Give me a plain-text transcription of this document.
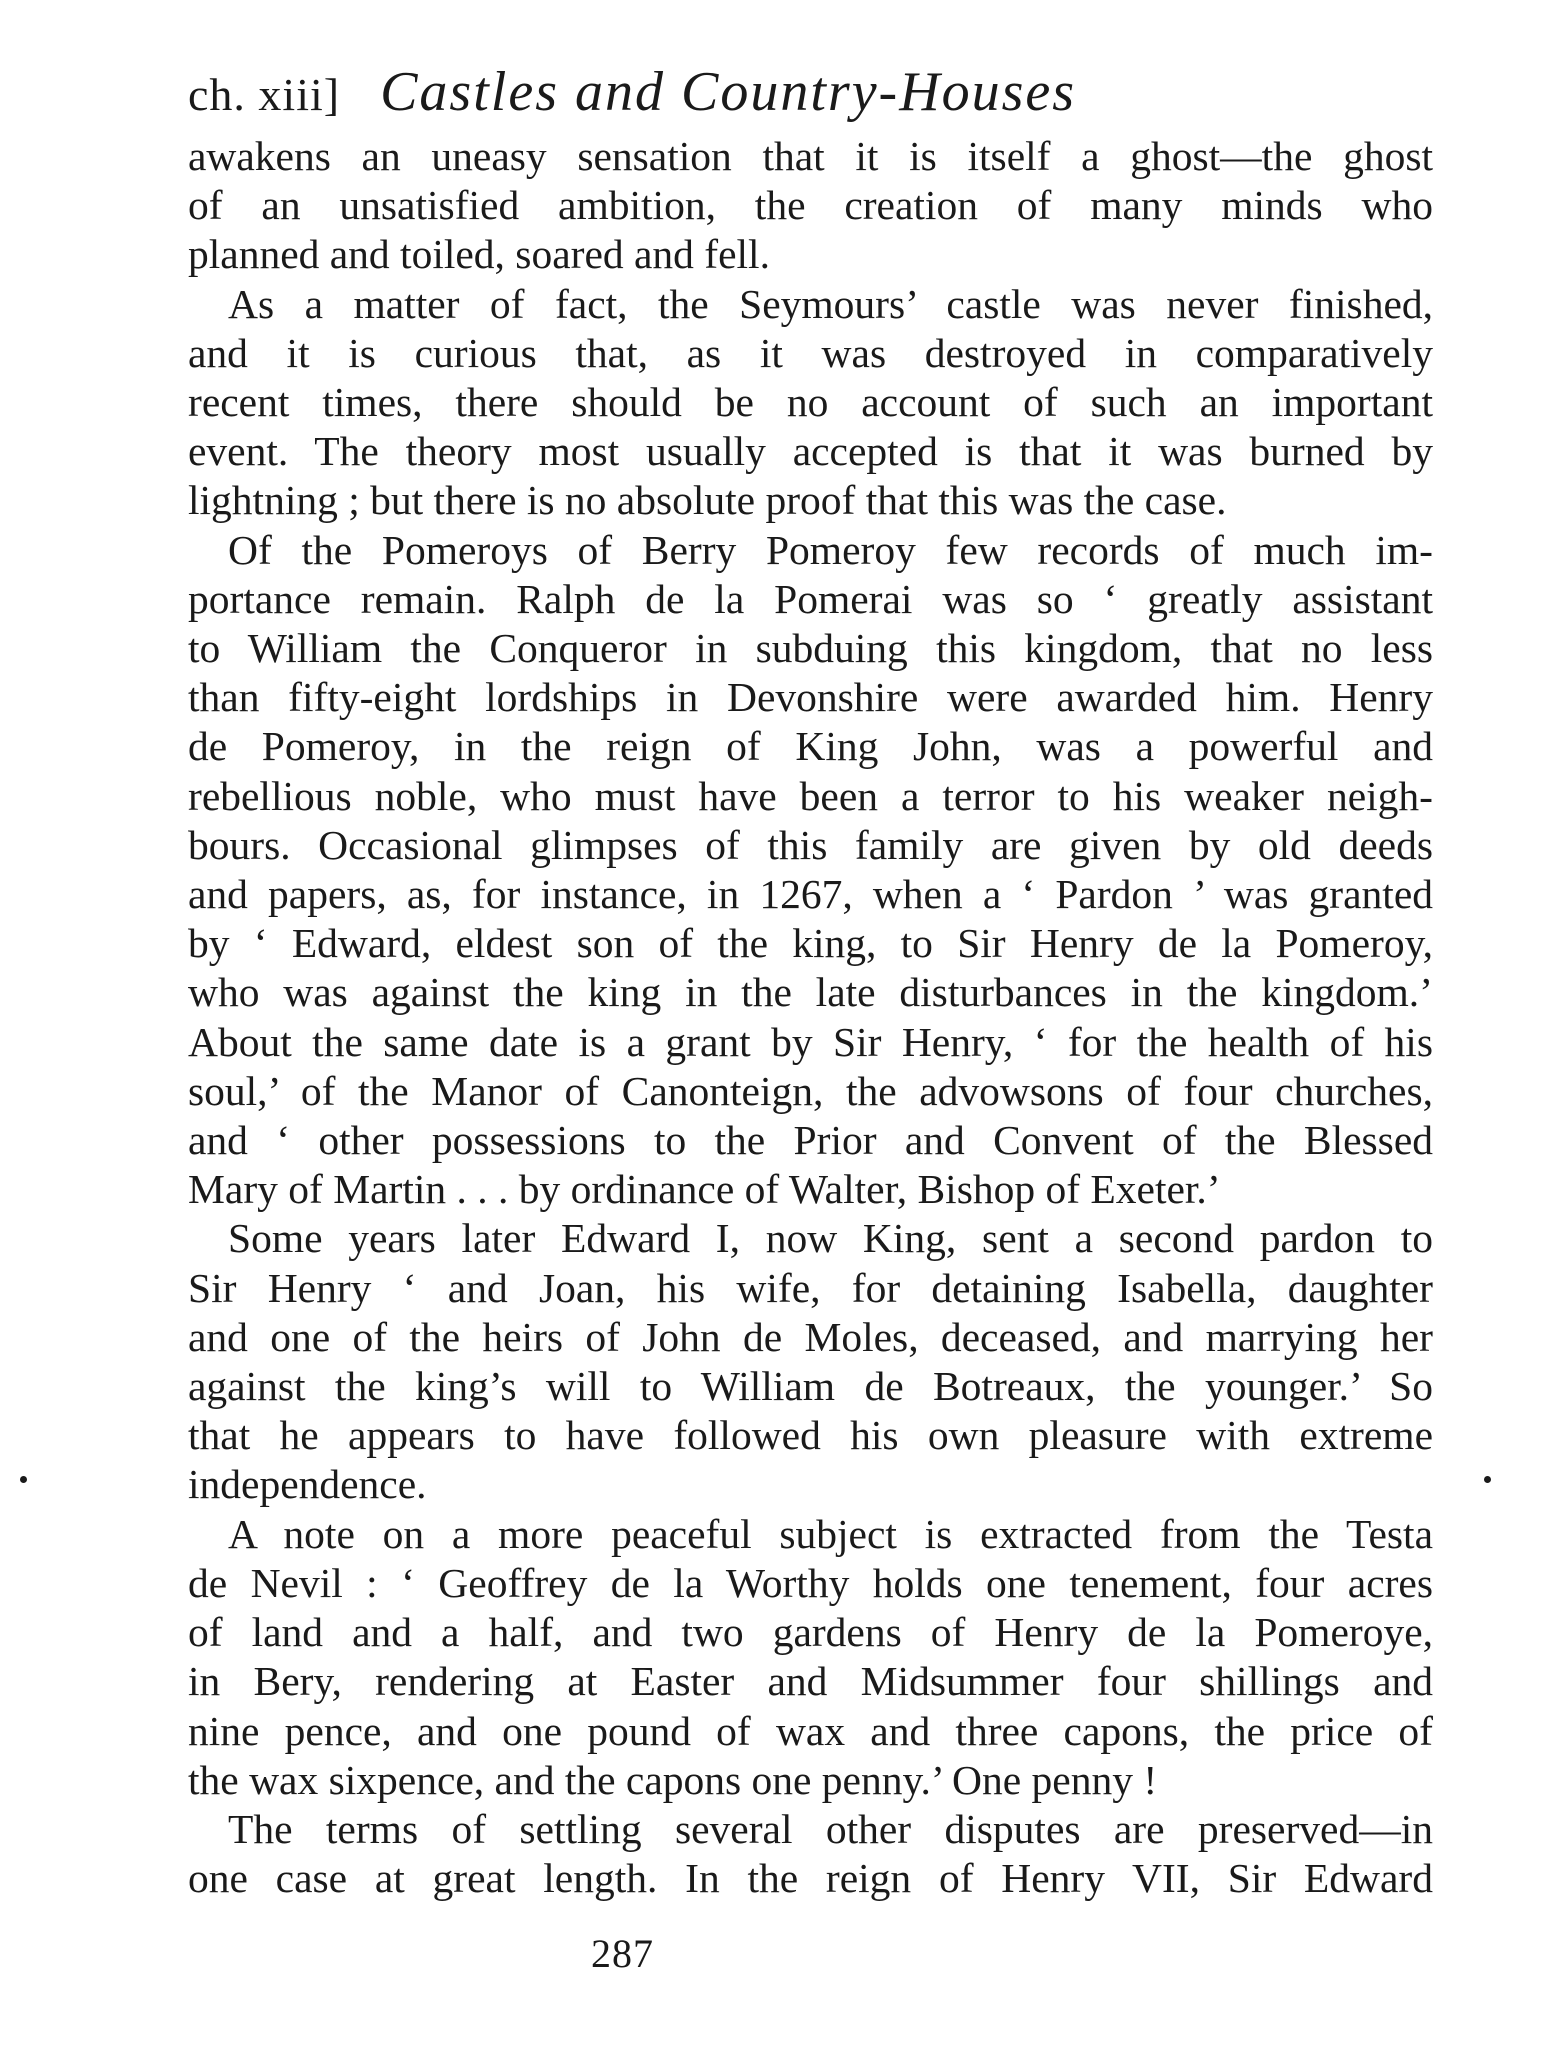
ch. xiii] Castles and Country-Houses
awakens an uneasy sensation that it is itself a ghost—the ghost
of an unsatisfied ambition, the creation of many minds who
planned and toiled, soared and fell.
As a matter of fact, the Seymours’ castle was never finished,
and it is curious that, as it was destroyed in comparatively
recent times, there should be no account of such an important
event. The theory most usually accepted is that it was burned by
lightning ; but there is no absolute proof that this was the case.
Of the Pomeroys of Berry Pomeroy few records of much im-
portance remain. Ralph de la Pomerai was so ‘ greatly assistant
to William the Conqueror in subduing this kingdom, that no less
than fifty-eight lordships in Devonshire were awarded him. Henry
de Pomeroy, in the reign of King John, was a powerful and
rebellious noble, who must have been a terror to his weaker neigh-
bours. Occasional glimpses of this family are given by old deeds
and papers, as, for instance, in 1267, when a ‘ Pardon ’ was granted
by ‘ Edward, eldest son of the king, to Sir Henry de la Pomeroy,
who was against the king in the late disturbances in the kingdom.’
About the same date is a grant by Sir Henry, ‘ for the health of his
soul,’ of the Manor of Canonteign, the advowsons of four churches,
and ‘ other possessions to the Prior and Convent of the Blessed
Mary of Martin . . . by ordinance of Walter, Bishop of Exeter.’
Some years later Edward I, now King, sent a second pardon to
Sir Henry ‘ and Joan, his wife, for detaining Isabella, daughter
and one of the heirs of John de Moles, deceased, and marrying her
against the king’s will to William de Botreaux, the younger.’ So
that he appears to have followed his own pleasure with extreme
independence.
A note on a more peaceful subject is extracted from the Testa
de Nevil : ‘ Geoffrey de la Worthy holds one tenement, four acres
of land and a half, and two gardens of Henry de la Pomeroye,
in Bery, rendering at Easter and Midsummer four shillings and
nine pence, and one pound of wax and three capons, the price of
the wax sixpence, and the capons one penny.’ One penny !
The terms of settling several other disputes are preserved—in
one case at great length. In the reign of Henry VII, Sir Edward
287
